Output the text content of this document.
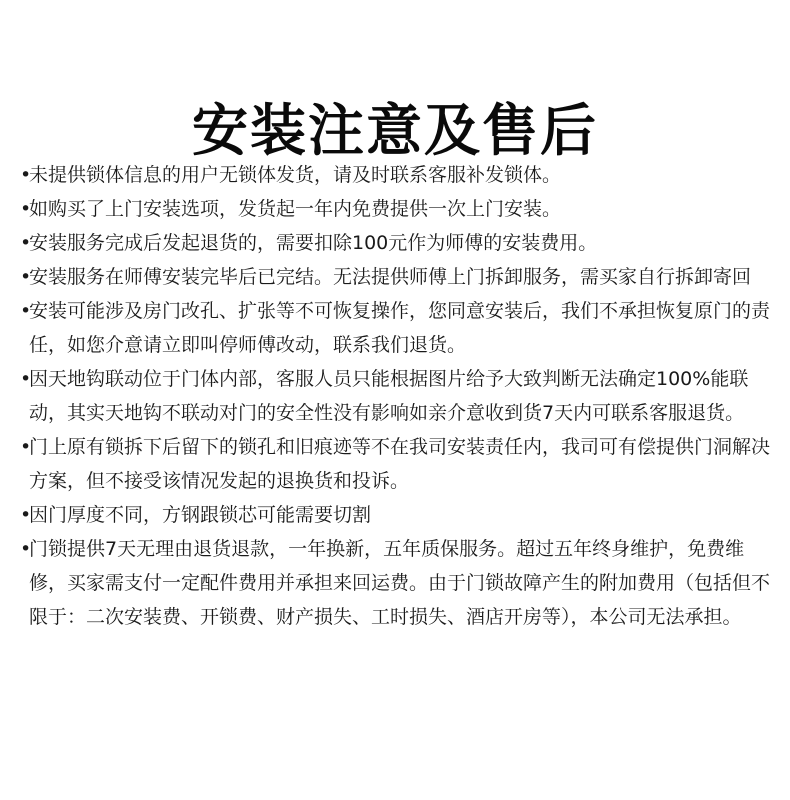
安装注意及售后
•
未提供锁体信息的用户无锁体发货，请及时联系客服补发锁体。
•
如购买了上门安装选项，发货起一年内免费提供一次上门安装。
•
安装服务完成后发起退货的，需要扣除100元作为师傅的安装费用。
•
安装服务在师傅安装完毕后已完结。无法提供师傅上门拆卸服务，需买家自行拆卸寄回
•
安装可能涉及房门改孔、扩张等不可恢复操作，您同意安装后，我们不承担恢复原门的责任，如您介意请立即叫停师傅改动，联系我们退货。
•
因天地钩联动位于门体内部，客服人员只能根据图片给予大致判断无法确定100%能联动，其实天地钩不联动对门的安全性没有影响如亲介意收到货7天内可联系客服退货。
•
门上原有锁拆下后留下的锁孔和旧痕迹等不在我司安装责任内，我司可有偿提供门洞解决方案，但不接受该情况发起的退换货和投诉。
•
因门厚度不同，方钢跟锁芯可能需要切割
•
门锁提供7天无理由退货退款，一年换新，五年质保服务。超过五年终身维护，免费维修，买家需支付一定配件费用并承担来回运费。由于门锁故障产生的附加费用（包括但不限于：二次安装费、开锁费、财产损失、工时损失、酒店开房等），本公司无法承担。
